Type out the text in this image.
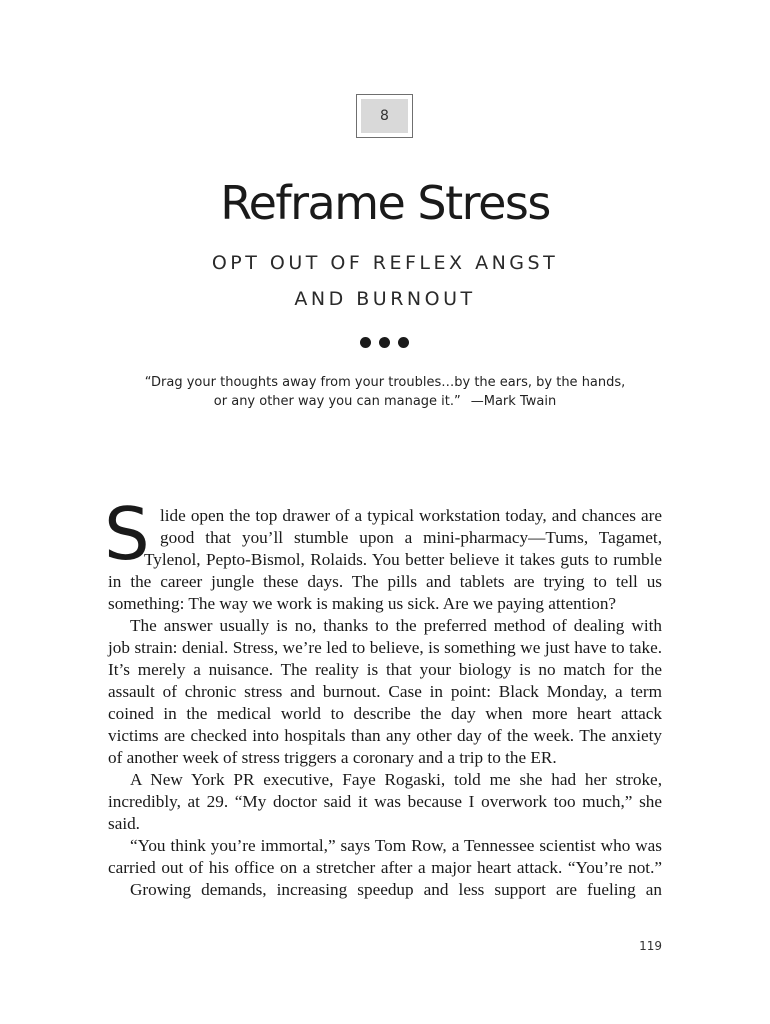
8
Reframe Stress
OPT OUT OF REFLEX ANGST
AND BURNOUT
“Drag your thoughts away from your troubles…by the ears, by the hands,
or any other way you can manage it.” —Mark Twain
S lide open the top drawer of a typical workstation today, and chances are
good that you’ll stumble upon a mini-pharmacy—Tums, Tagamet,
Tylenol, Pepto-Bismol, Rolaids. You better believe it takes guts to rumble
in the career jungle these days. The pills and tablets are trying to tell us
something: The way we work is making us sick. Are we paying attention?
The answer usually is no, thanks to the preferred method of dealing with
job strain: denial. Stress, we’re led to believe, is something we just have to take.
It’s merely a nuisance. The reality is that your biology is no match for the
assault of chronic stress and burnout. Case in point: Black Monday, a term
coined in the medical world to describe the day when more heart attack
victims are checked into hospitals than any other day of the week. The anxiety
of another week of stress triggers a coronary and a trip to the ER.
A New York PR executive, Faye Rogaski, told me she had her stroke,
incredibly, at 29. “My doctor said it was because I overwork too much,” she
said.
“You think you’re immortal,” says Tom Row, a Tennessee scientist who was
carried out of his office on a stretcher after a major heart attack. “You’re not.”
Growing demands, increasing speedup and less support are fueling an
119
